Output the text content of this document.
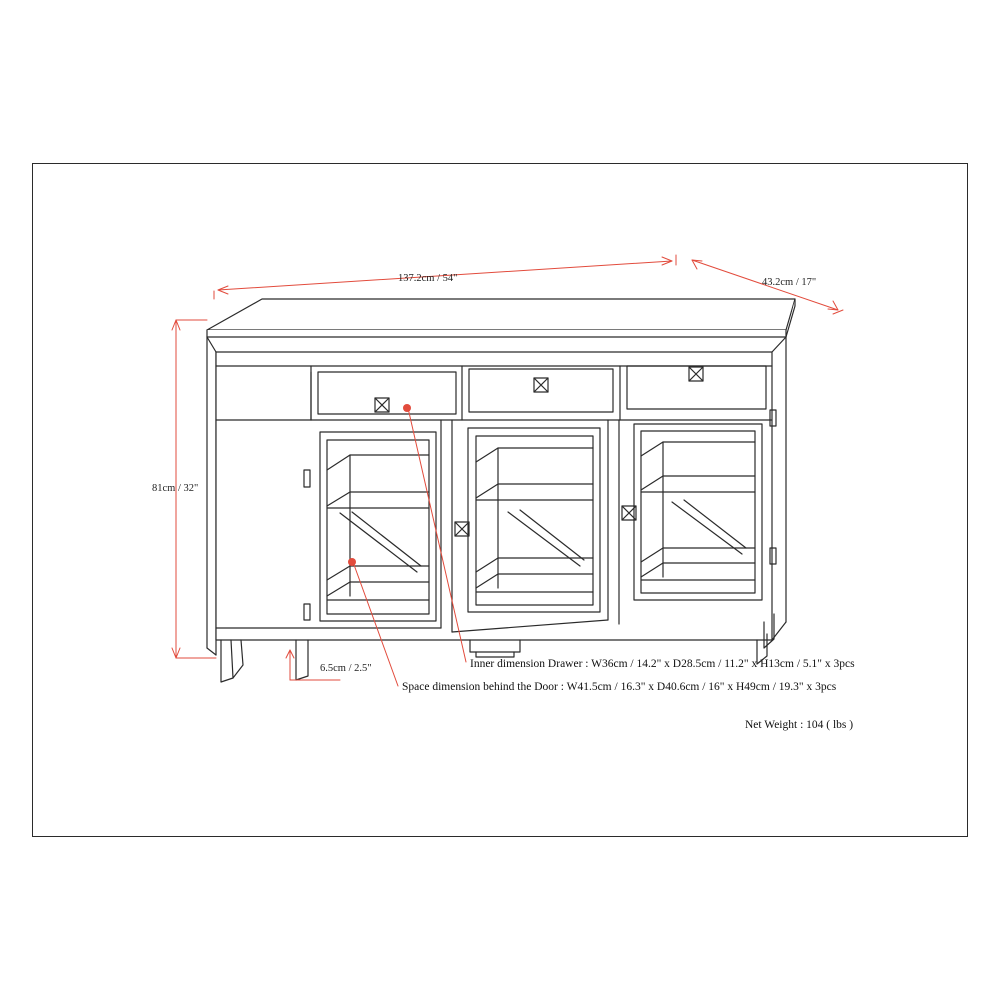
137.2cm / 54"	43.2cm / 17"
81cm / 32"
6.5cm / 2.5"	Inner dimension Drawer : W36cm / 14.2" x D28.5cm / 11.2" x H13cm / 5.1" x 3pcs
Space dimension behind the Door : W41.5cm / 16.3" x D40.6cm / 16" x H49cm / 19.3" x 3pcs
Net Weight : 104 ( lbs )
